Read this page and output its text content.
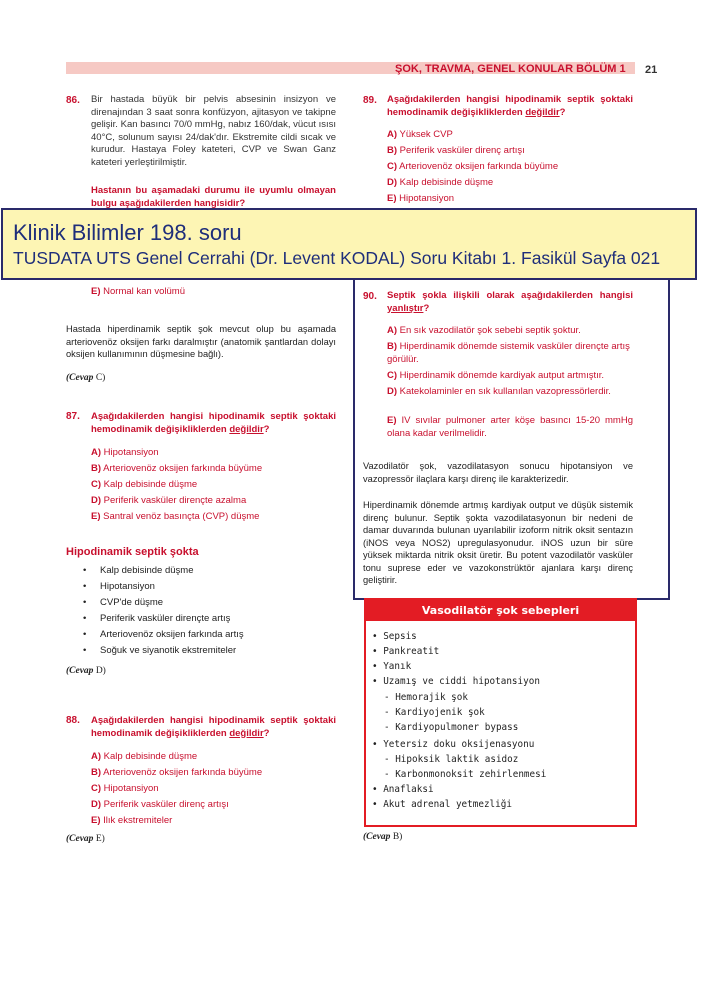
ŞOK, TRAVMA, GENEL KONULAR BÖLÜM 1 21
86. Bir hastada büyük bir pelvis absesinin insizyon ve direnajından 3 saat sonra konfüzyon, ajitasyon ve takipne gelişir. Kan basıncı 70/0 mmHg, nabız 160/dak, vücut ısısı 40°C, solunum sayısı 24/dak'dır. Ekstremite cildi sıcak ve kurudur. Hastaya Foley kateteri, CVP ve Swan Ganz kateteri yerleştirilmiştir.
Hastanın bu aşamadaki durumu ile uyumlu olmayan bulgu aşağıdakilerden hangisidir?
E) Normal kan volümü
Hastada hiperdinamik septik şok mevcut olup bu aşamada arteriovenöz oksijen farkı daralmıştır (anatomik şantlardan dolayı oksijen kullanımının düşmesine bağlı).
(Cevap C)
87. Aşağıdakilerden hangisi hipodinamik septik şoktaki hemodinamik değişikliklerden değildir?
A) Hipotansiyon
B) Arteriovenöz oksijen farkında büyüme
C) Kalp debisinde düşme
D) Periferik vasküler dirençte azalma
E) Santral venöz basınçta (CVP) düşme
Hipodinamik septik şokta
• Kalp debisinde düşme
• Hipotansiyon
• CVP'de düşme
• Periferik vasküler dirençte artış
• Arteriovenöz oksijen farkında artış
• Soğuk ve siyanotik ekstremiteler
(Cevap D)
88. Aşağıdakilerden hangisi hipodinamik septik şoktaki hemodinamik değişikliklerden değildir?
A) Kalp debisinde düşme
B) Arteriovenöz oksijen farkında büyüme
C) Hipotansiyon
D) Periferik vasküler direnç artışı
E) Ilık ekstremiteler
(Cevap E)
89. Aşağıdakilerden hangisi hipodinamik septik şoktaki hemodinamik değişikliklerden değildir?
A) Yüksek CVP
B) Periferik vasküler direnç artışı
C) Arteriovenöz oksijen farkında büyüme
D) Kalp debisinde düşme
E) Hipotansiyon
90. Septik şokla ilişkili olarak aşağıdakilerden hangisi yanlıştır?
A) En sık vazodilatör şok sebebi septik şoktur.
B) Hiperdinamik dönemde sistemik vasküler dirençte artış görülür.
C) Hiperdinamik dönemde kardiyak autput artmıştır.
D) Katekolaminler en sık kullanılan vazopressörlerdir.
E) IV sıvılar pulmoner arter köşe basıncı 15-20 mmHg olana kadar verilmelidir.
Vazodilatör şok, vazodilatasyon sonucu hipotansiyon ve vazopressör ilaçlara karşı direnç ile karakterizedir.
Hiperdinamik dönemde artmış kardiyak output ve düşük sistemik direnç bulunur. Septik şokta vazodilatasyonun bir nedeni de damar duvarında bulunan uyarılabilir izoform nitrik oksit sentazın (iNOS veya NOS2) upregulasyonudur. iNOS uzun bir süre yüksek miktarda nitrik oksit üretir. Bu potent vazodilatör vasküler tonu suprese eder ve vazokonstrüktör ajanlara karşı direnç geliştirir.
Vasodilatör şok sebepleri
• Sepsis
• Pankreatit
• Yanık
• Uzamış ve ciddi hipotansiyon
- Hemorajik şok
- Kardiyojenik şok
- Kardiyopulmoner bypass
• Yetersiz doku oksijenasyonu
- Hipoksik laktik asidoz
- Karbonmonoksit zehirlenmesi
• Anaflaksi
• Akut adrenal yetmezliği
(Cevap B)
Klinik Bilimler 198. soru
TUSDATA UTS Genel Cerrahi (Dr. Levent KODAL) Soru Kitabı 1. Fasikül Sayfa 021
